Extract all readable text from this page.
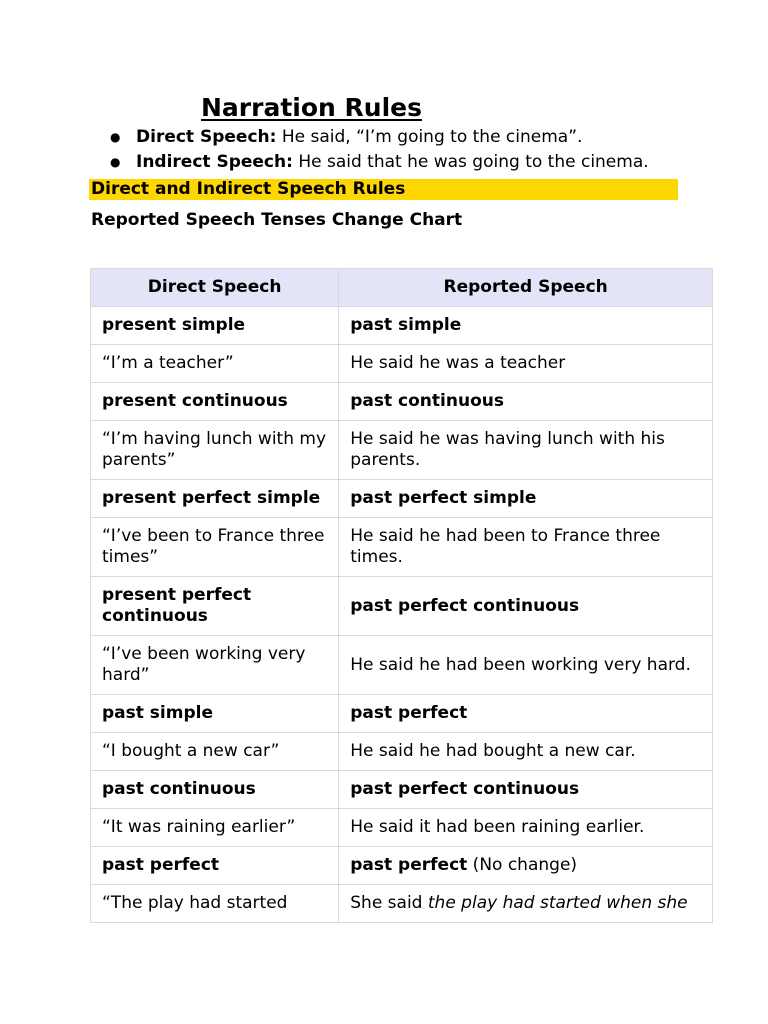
Narration Rules
● Direct Speech: He said, “I’m going to the cinema”.
● Indirect Speech: He said that he was going to the cinema.
Direct and Indirect Speech Rules
Reported Speech Tenses Change Chart
Direct Speech	Reported Speech
present simple	past simple
“I’m a teacher”	He said he was a teacher
present continuous	past continuous
“I’m having lunch with my parents”	He said he was having lunch with his parents.
present perfect simple	past perfect simple
“I’ve been to France three times”	He said he had been to France three times.
present perfect continuous	past perfect continuous
“I’ve been working very hard”	He said he had been working very hard.
past simple	past perfect
“I bought a new car”	He said he had bought a new car.
past continuous	past perfect continuous
“It was raining earlier”	He said it had been raining earlier.
past perfect	past perfect (No change)
“The play had started	She said the play had started when she
